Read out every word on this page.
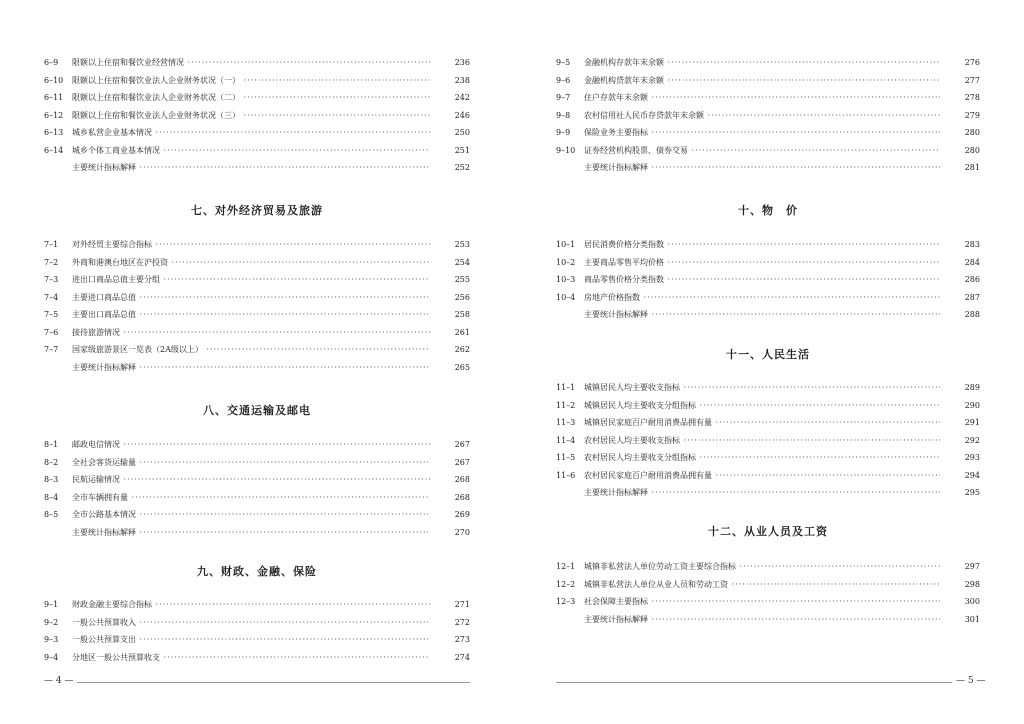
6–9	限额以上住宿和餐饮业经营情况 ·····	236
6–10	限额以上住宿和餐饮业法人企业财务状况（一） ·····	238
6–11	限额以上住宿和餐饮业法人企业财务状况（二） ·····	242
6–12	限额以上住宿和餐饮业法人企业财务状况（三） ·····	246
6–13	城乡私营企业基本情况 ·····	250
6–14	城乡个体工商业基本情况 ·····	251
主要统计指标解释 ·····	252
七、对外经济贸易及旅游
7–1	对外经贸主要综合指标 ·····	253
7–2	外商和港澳台地区在沪投资 ·····	254
7–3	进出口商品总值主要分组 ·····	255
7–4	主要进口商品总值 ·····	256
7–5	主要出口商品总值 ·····	258
7–6	接待旅游情况 ·····	261
7–7	国家级旅游景区一览表（2A级以上） ·····	262
主要统计指标解释 ·····	265
八、交通运输及邮电
8–1	邮政电信情况 ·····	267
8–2	全社会客货运输量 ·····	267
8–3	民航运输情况 ·····	268
8–4	全市车辆拥有量 ·····	268
8–5	全市公路基本情况 ·····	269
主要统计指标解释 ·····	270
九、财政、金融、保险
9–1	财政金融主要综合指标 ·····	271
9–2	一般公共预算收入 ·····	272
9–3	一般公共预算支出 ·····	273
9–4	分地区一般公共预算收支 ·····	274
— 4 —
9–5	金融机构存款年末余额 ·····	276
9–6	金融机构贷款年末余额 ·····	277
9–7	住户存款年末余额 ·····	278
9–8	农村信用社人民币存贷款年末余额 ·····	279
9–9	保险业务主要指标 ·····	280
9–10	证券经营机构股票、债券交易 ·····	280
主要统计指标解释 ·····	281
十、物　价
10–1	居民消费价格分类指数 ·····	283
10–2	主要商品零售平均价格 ·····	284
10–3	商品零售价格分类指数 ·····	286
10–4	房地产价格指数 ·····	287
主要统计指标解释 ·····	288
十一、人民生活
11–1	城镇居民人均主要收支指标 ·····	289
11–2	城镇居民人均主要收支分组指标 ·····	290
11–3	城镇居民家庭百户耐用消费品拥有量 ·····	291
11–4	农村居民人均主要收支指标 ·····	292
11–5	农村居民人均主要收支分组指标 ·····	293
11–6	农村居民家庭百户耐用消费品拥有量 ·····	294
主要统计指标解释 ·····	295
十二、从业人员及工资
12–1	城镇非私营法人单位劳动工资主要综合指标 ·····	297
12–2	城镇非私营法人单位从业人员和劳动工资 ·····	298
12–3	社会保障主要指标 ·····	300
主要统计指标解释 ·····	301
— 5 —
